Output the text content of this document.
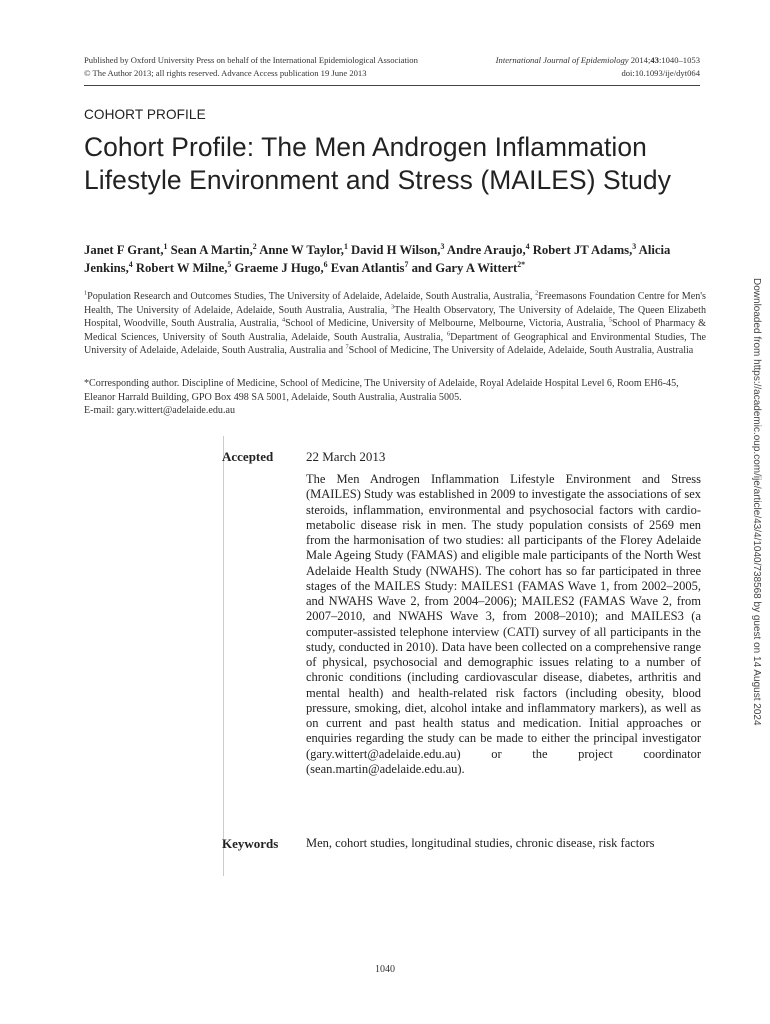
Published by Oxford University Press on behalf of the International Epidemiological Association
© The Author 2013; all rights reserved. Advance Access publication 19 June 2013
International Journal of Epidemiology 2014;43:1040–1053
doi:10.1093/ije/dyt064
COHORT PROFILE
Cohort Profile: The Men Androgen Inflammation Lifestyle Environment and Stress (MAILES) Study
Janet F Grant,$^1$ Sean A Martin,$^2$ Anne W Taylor,$^1$ David H Wilson,$^3$ Andre Araujo,$^4$ Robert JT Adams,$^3$ Alicia Jenkins,$^4$ Robert W Milne,$^5$ Graeme J Hugo,$^6$ Evan Atlantis$^7$ and Gary A Wittert$^{2*}$
$^1$Population Research and Outcomes Studies, The University of Adelaide, Adelaide, South Australia, Australia, $^2$Freemasons Foundation Centre for Men's Health, The University of Adelaide, Adelaide, South Australia, Australia, $^3$The Health Observatory, The University of Adelaide, The Queen Elizabeth Hospital, Woodville, South Australia, Australia, $^4$School of Medicine, University of Melbourne, Melbourne, Victoria, Australia, $^5$School of Pharmacy & Medical Sciences, University of South Australia, Adelaide, South Australia, Australia, $^6$Department of Geographical and Environmental Studies, The University of Adelaide, Adelaide, South Australia, Australia and $^7$School of Medicine, The University of Adelaide, Adelaide, South Australia, Australia
*Corresponding author. Discipline of Medicine, School of Medicine, The University of Adelaide, Royal Adelaide Hospital Level 6, Room EH6-45, Eleanor Harrald Building, GPO Box 498 SA 5001, Adelaide, South Australia, Australia 5005.
E-mail: gary.wittert@adelaide.edu.au
Accepted	22 March 2013
The Men Androgen Inflammation Lifestyle Environment and Stress (MAILES) Study was established in 2009 to investigate the associations of sex steroids, inflammation, environmental and psychosocial factors with cardio-metabolic disease risk in men. The study population consists of 2569 men from the harmonisation of two studies: all participants of the Florey Adelaide Male Ageing Study (FAMAS) and eligible male participants of the North West Adelaide Health Study (NWAHS). The cohort has so far participated in three stages of the MAILES Study: MAILES1 (FAMAS Wave 1, from 2002–2005, and NWAHS Wave 2, from 2004–2006); MAILES2 (FAMAS Wave 2, from 2007–2010, and NWAHS Wave 3, from 2008–2010); and MAILES3 (a computer-assisted telephone interview (CATI) survey of all participants in the study, conducted in 2010). Data have been collected on a comprehensive range of physical, psychosocial and demographic issues relating to a number of chronic conditions (including cardiovascular disease, diabetes, arthritis and mental health) and health-related risk factors (including obesity, blood pressure, smoking, diet, alcohol intake and inflammatory markers), as well as on current and past health status and medication. Initial approaches or enquiries regarding the study can be made to either the principal investigator (gary.wittert@adelaide.edu.au) or the project coordinator (sean.martin@adelaide.edu.au).
Keywords Men, cohort studies, longitudinal studies, chronic disease, risk factors
1040
Downloaded from https://academic.oup.com/ije/article/43/4/1040/738568 by guest on 14 August 2024
